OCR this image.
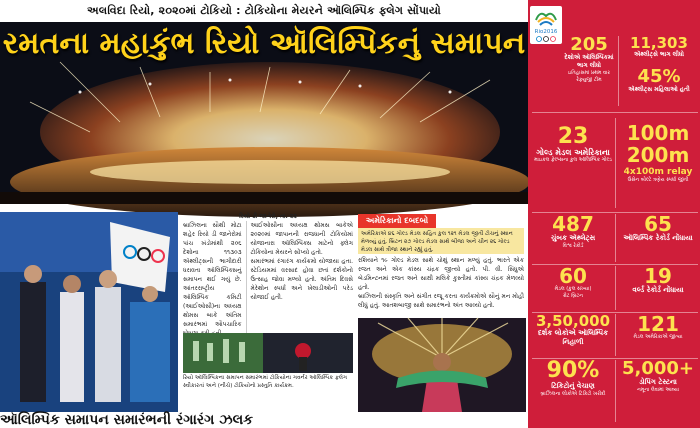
અલવિદા રિયો, ૨૦૨૦માં ટોકિયો : ટોકિયોના મેયરને ઑલિમ્પિક ફ્લેગ સોંપાયો
રમતના મહાકુંભ રિયો ઑલિમ્પિકનું સમાપન

રિયો ડી જાનેરો, તા. ૨૨

બ્રાઝિલના સૌથી મોટા શહેર રિયો ડી જાનેરોમાં પાંચ ખંડોમાંથી ૨૦૬ દેશોના ૧૧૩૦૩ ઍથ્લીટ્સની ભાગીદારી ધરાવતા ઑલિમ્પિક્સનું સમાપન થઈ ગયું છે. આંતરરાષ્ટ્રીય ઑલિમ્પિક કમિટી (આઈઓસી)ના અધ્યક્ષ થોમસ બાકે અંતિમ સમારંભમાં ઔપચારિક

આઈઓસીના અધ્યક્ષ થોમસ બાકેએ ૨૦૨૦માં જાપાનની રાજધાની ટોકિયોમાં યોજાનારા ઑલિમ્પિક્સ માટેનો ફ્લેગ ટોકિયોના મેયરને સોંપ્યો હતો.

સમારંભમાં રંગારંગ કાર્યક્રમો યોજાયા હતા. સ્ટેડિયમમાં વરસાદ હોવા છતાં દર્શકોનો ઉત્સાહ જોવા મળ્યો હતો. અંતિમ દિવસે મેરેથોન સ્પર્ધા અને ખેલાડીઓની પરેડ યોજાઈ હતી.

રિયો ઑલિમ્પિકના સમાપન સમારંભમાં ટોકિયોના ગવર્નર ઑલિમ્પિક ફ્લેગ સ્વીકારતાં અને (નીચે) ટોકિયોનો પ્રસ્તુતિ કાર્યક્રમ.
અમેરિકાનો દબદબો
અમેરિકાએ ૪૬ ગોલ્ડ મેડલ સહિત કુલ ૧૨૧ મેડલ જીતી ટોચનું સ્થાન મેળવ્યું હતું. બ્રિટન ૨૭ ગોલ્ડ મેડલ સાથે બીજા અને ચીન ૨૬ ગોલ્ડ મેડલ સાથે ત્રીજા સ્થાને રહ્યું હતું.

રશિયાને ૧૯ ગોલ્ડ મેડલ સાથે ચોથું સ્થાન મળ્યું હતું. ભારતે એક રજત અને એક કાંસ્ય ચંદ્રક જીત્યો હતો. પી. વી. સિંધુએ બેડમિન્ટનમાં રજત અને સાક્ષી મલિકે કુસ્તીમાં કાંસ્ય ચંદ્રક મેળવ્યો હતો.

બ્રાઝિલની સંસ્કૃતિ અને સંગીત રજૂ કરતા કાર્યક્રમોએ સૌનું મન મોહી લીધું હતું. આતશબાજી સાથે સમારંભનો અંત આવ્યો હતો.

ઑલિમ્પિક સમાપન સમારંભની રંગારંગ ઝલક
Rio2016
205
દેશોએ ઑલિમ્પિકમાં ભાગ લીધો
ઇતિહાસમાં પ્રથમ વાર રેફ્યુજી ટીમ
11,303
ઍથ્લીટ્સે ભાગ લીધો
45%
ઍથ્લીટ્સ મહિલાઓ હતી
23
ગોલ્ડ મેડલ અમેરિકાના
માઇકલ ફેલ્પ્સના કુલ ઑલિમ્પિક ગોલ્ડ
100m 200m
4x100m relay
ઉસેન બોલ્ટે ત્રણેય સ્પર્ધા જીતી
487
ચુંબક ઍથ્લેટ્સ
વિશ્વ રેકોર્ડ
65
ઑલિમ્પિક રેકોર્ડ નોંધાયા
60
મેડલ (કુલ સંખ્યા)
ગ્રેટ બ્રિટન
19
વર્લ્ડ રેકોર્ડ નોંધાયા
3,50,000
દર્શક લોકોએ ઑલિમ્પિક નિહાળી
121
મેડલ અમેરિકાએ જીત્યા
90%
ટિકિટોનું વેચાણ
બ્રાઝિલના લોકોએ ટિકિટો ખરીદી
5,000+
ડોપિંગ ટેસ્ટના
નમૂના લેવામાં આવ્યા
